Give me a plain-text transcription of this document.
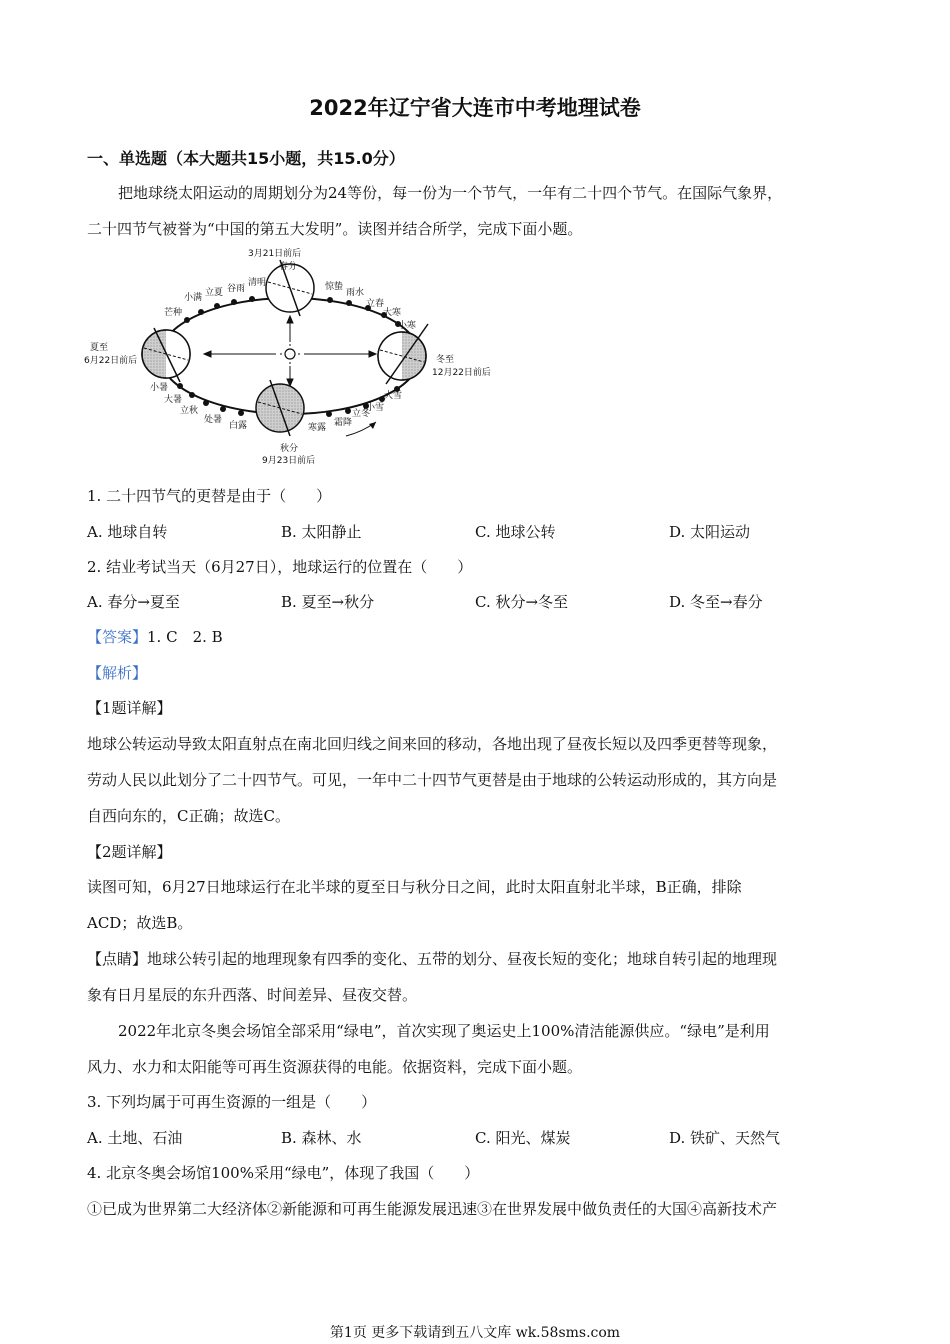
2022年辽宁省大连市中考地理试卷
一、单选题（本大题共15小题，共15.0分）
把地球绕太阳运动的周期划分为24等份，每一份为一个节气，一年有二十四个节气。在国际气象界，
二十四节气被誉为“中国的第五大发明”。读图并结合所学，完成下面小题。
3月21日前后
春分
夏至
6月22日前后
秋分
9月23日前后
冬至
12月22日前后
谷雨
立夏
清明
小满
芒种
惊蛰
雨水
立春
大寒
小寒
小暑
大暑
立秋
处暑
白露	寒露 霜降
立冬
小雪
大雪
1. 二十四节气的更替是由于（　　）
A. 地球自转	B. 太阳静止	C. 地球公转	D. 太阳运动
2. 结业考试当天（6月27日），地球运行的位置在（　　）
A. 春分→夏至	B. 夏至→秋分	C. 秋分→冬至	D. 冬至→春分
【答案】1. C　2. B
【解析】
【1题详解】
地球公转运动导致太阳直射点在南北回归线之间来回的移动，各地出现了昼夜长短以及四季更替等现象，
劳动人民以此划分了二十四节气。可见，一年中二十四节气更替是由于地球的公转运动形成的，其方向是
自西向东的，C正确；故选C。
【2题详解】
读图可知，6月27日地球运行在北半球的夏至日与秋分日之间，此时太阳直射北半球，B正确，排除
ACD；故选B。
【点睛】地球公转引起的地理现象有四季的变化、五带的划分、昼夜长短的变化；地球自转引起的地理现
象有日月星辰的东升西落、时间差异、昼夜交替。
2022年北京冬奥会场馆全部采用“绿电”，首次实现了奥运史上100%清洁能源供应。“绿电”是利用
风力、水力和太阳能等可再生资源获得的电能。依据资料，完成下面小题。
3. 下列均属于可再生资源的一组是（　　）
A. 土地、石油	B. 森林、水	C. 阳光、煤炭	D. 铁矿、天然气
4. 北京冬奥会场馆100%采用“绿电”，体现了我国（　　）
①已成为世界第二大经济体②新能源和可再生能源发展迅速③在世界发展中做负责任的大国④高新技术产
第1页 更多下载请到五八文库 wk.58sms.com
